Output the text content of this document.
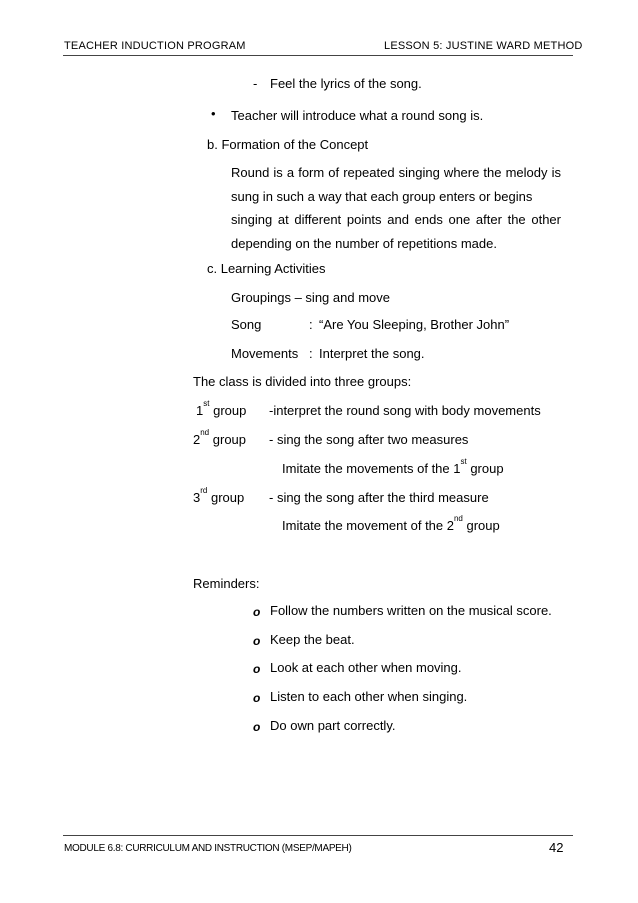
TEACHER INDUCTION PROGRAM	LESSON 5: JUSTINE WARD METHOD
- Feel the lyrics of the song.
• Teacher will introduce what a round song is.
b. Formation of the Concept
Round is a form of repeated singing where the melody is
sung in such a way that each group enters or begins
singing at different points and ends one after the other
depending on the number of repetitions made.
c. Learning Activities
Groupings – sing and move
Song	: “Are You Sleeping, Brother John”
Movements : Interpret the song.
The class is divided into three groups:
1st group -interpret the round song with body movements
2nd group - sing the song after two measures
Imitate the movements of the 1st group
3rd group - sing the song after the third measure
Imitate the movement of the 2nd group
Reminders:
o Follow the numbers written on the musical score.
o Keep the beat.
o Look at each other when moving.
o Listen to each other when singing.
o Do own part correctly.
MODULE 6.8: CURRICULUM AND INSTRUCTION (MSEP/MAPEH)	42
